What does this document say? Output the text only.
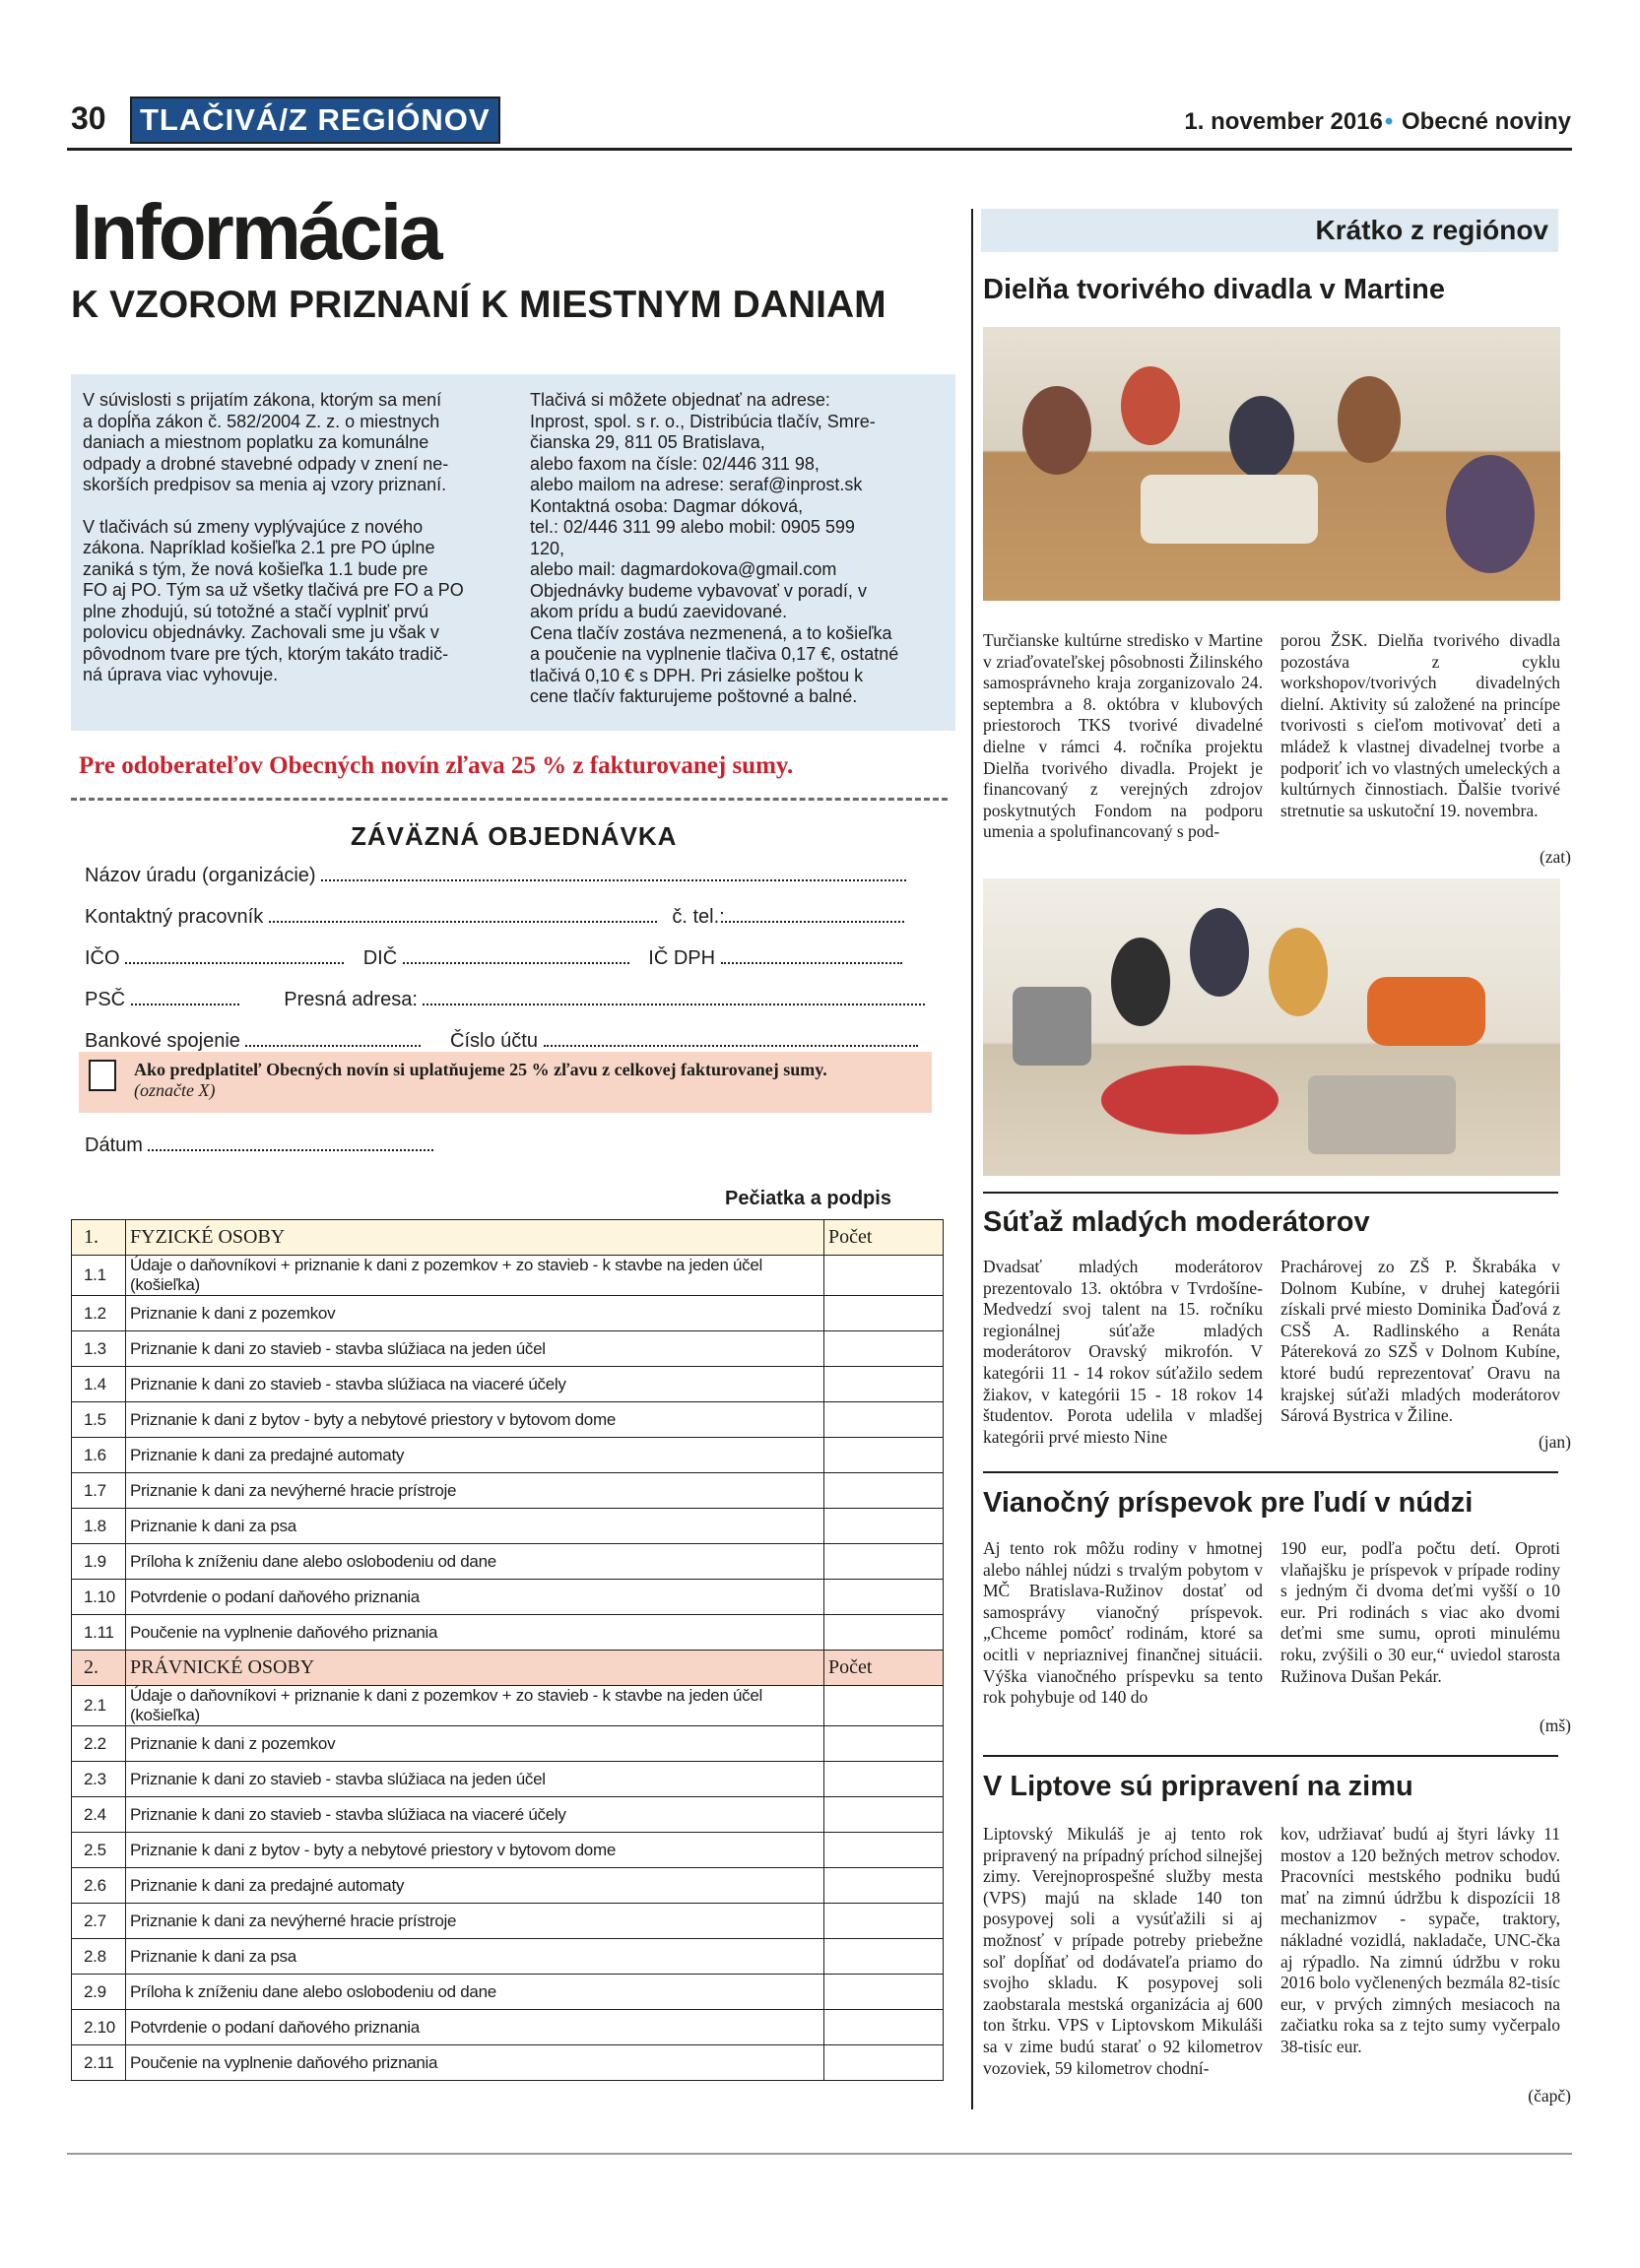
30	TLAČIVÁ/Z REGIÓNOV	1. november 2016• Obecné noviny
Informácia
K VZOROM PRIZNANÍ K MIESTNYM DANIAM

V súvislosti s prijatím zákona, ktorým sa mení
a dopĺňa zákon č. 582/2004 Z. z. o miestnych
daniach a miestnom poplatku za komunálne
odpady a drobné stavebné odpady v znení ne-
skorších predpisov sa menia aj vzory priznaní.

V tlačivách sú zmeny vyplývajúce z nového
zákona. Napríklad košieľka 2.1 pre PO úplne
zaniká s tým, že nová košieľka 1.1 bude pre
FO aj PO. Tým sa už všetky tlačivá pre FO a PO
plne zhodujú, sú totožné a stačí vyplniť prvú
polovicu objednávky. Zachovali sme ju však v
pôvodnom tvare pre tých, ktorým takáto tradič-
ná úprava viac vyhovuje.

Tlačivá si môžete objednať na adrese:
Inprost, spol. s r. o., Distribúcia tlačív, Smre-
čianska 29, 811 05 Bratislava,
alebo faxom na čísle: 02/446 311 98,
alebo mailom na adrese: seraf@inprost.sk
Kontaktná osoba: Dagmar dóková,
tel.: 02/446 311 99 alebo mobil: 0905 599
120,
alebo mail: dagmardokova@gmail.com
Objednávky budeme vybavovať v poradí, v
akom prídu a budú zaevidované.
Cena tlačív zostáva nezmenená, a to košieľka
a poučenie na vyplnenie tlačiva 0,17 €, ostatné
tlačivá 0,10 € s DPH. Pri zásielke poštou k
cene tlačív fakturujeme poštovné a balné.

Pre odoberateľov Obecných novín zľava 25 % z fakturovanej sumy.
ZÁVÄZNÁ OBJEDNÁVKA
Názov úradu (organizácie)
Kontaktný pracovník	č. tel.:
IČO	DIČ	IČ DPH
PSČ	Presná adresa:
Bankové spojenie	Číslo účtu
Ako predplatiteľ Obecných novín si uplatňujeme 25 % zľavu z celkovej fakturovanej sumy.
(označte X)
Dátum
Pečiatka a podpis
1.	FYZICKÉ OSOBY	Počet
1.1	Údaje o daňovníkovi + priznanie k dani z pozemkov + zo stavieb - k stavbe na jeden účel (košieľka)	
1.2	Priznanie k dani z pozemkov	
1.3	Priznanie k dani zo stavieb - stavba slúžiaca na jeden účel	
1.4	Priznanie k dani zo stavieb - stavba slúžiaca na viaceré účely	
1.5	Priznanie k dani z bytov - byty a nebytové priestory v bytovom dome	
1.6	Priznanie k dani za predajné automaty	
1.7	Priznanie k dani za nevýherné hracie prístroje	
1.8	Priznanie k dani za psa	
1.9	Príloha k zníženiu dane alebo oslobodeniu od dane	
1.10	Potvrdenie o podaní daňového priznania	
1.11	Poučenie na vyplnenie daňového priznania	
2.	PRÁVNICKÉ OSOBY	Počet
2.1	Údaje o daňovníkovi + priznanie k dani z pozemkov + zo stavieb - k stavbe na jeden účel (košieľka)	
2.2	Priznanie k dani z pozemkov	
2.3	Priznanie k dani zo stavieb - stavba slúžiaca na jeden účel	
2.4	Priznanie k dani zo stavieb - stavba slúžiaca na viaceré účely	
2.5	Priznanie k dani z bytov - byty a nebytové priestory v bytovom dome	
2.6	Priznanie k dani za predajné automaty	
2.7	Priznanie k dani za nevýherné hracie prístroje	
2.8	Priznanie k dani za psa	
2.9	Príloha k zníženiu dane alebo oslobodeniu od dane	
2.10	Potvrdenie o podaní daňového priznania	
2.11	Poučenie na vyplnenie daňového priznania	
Krátko z regiónov
Dielňa tvorivého divadla v Martine
Turčianske kultúrne stredisko v Martine v zriaďovateľskej pôsobnosti Žilinského samosprávneho kraja zorganizovalo 24. septembra a 8. októbra v klubových priestoroch TKS tvorivé divadelné dielne v rámci 4. ročníka projektu Dielňa tvorivého divadla. Projekt je financovaný z verejných zdrojov poskytnutých Fondom na podporu umenia a spolufinancovaný s pod-
porou ŽSK. Dielňa tvorivého divadla pozostáva z cyklu workshopov/tvorivých divadelných dielní. Aktivity sú založené na princípe tvorivosti s cieľom motivovať deti a mládež k vlastnej divadelnej tvorbe a podporiť ich vo vlastných umeleckých a kultúrnych činnostiach. Ďalšie tvorivé stretnutie sa uskutoční 19. novembra.
(zat)
Súťaž mladých moderátorov
Dvadsať mladých moderátorov prezentovalo 13. októbra v Tvrdošíne-Medvedzí svoj talent na 15. ročníku regionálnej súťaže mladých moderátorov Oravský mikrofón. V kategórii 11 - 14 rokov súťažilo sedem žiakov, v kategórii 15 - 18 rokov 14 študentov. Porota udelila v mladšej kategórii prvé miesto Nine
Prachárovej zo ZŠ P. Škrabáka v Dolnom Kubíne, v druhej kategórii získali prvé miesto Dominika Ďaďová z CSŠ A. Radlinského a Renáta Pátereková zo SZŠ v Dolnom Kubíne, ktoré budú reprezentovať Oravu na krajskej súťaži mladých moderátorov Sárová Bystrica v Žiline.
(jan)
Vianočný príspevok pre ľudí v núdzi
Aj tento rok môžu rodiny v hmotnej alebo náhlej núdzi s trvalým pobytom v MČ Bratislava-Ružinov dostať od samosprávy vianočný príspevok. „Chceme pomôcť rodinám, ktoré sa ocitli v nepriaznivej finančnej situácii. Výška vianočného príspevku sa tento rok pohybuje od 140 do
190 eur, podľa počtu detí. Oproti vlaňajšku je príspevok v prípade rodiny s jedným či dvoma deťmi vyšší o 10 eur. Pri rodinách s viac ako dvomi deťmi sme sumu, oproti minulému roku, zvýšili o 30 eur,“ uviedol starosta Ružinova Dušan Pekár.
(mš)
V Liptove sú pripravení na zimu
Liptovský Mikuláš je aj tento rok pripravený na prípadný príchod silnejšej zimy. Verejnoprospešné služby mesta (VPS) majú na sklade 140 ton posypovej soli a vysúťažili si aj možnosť v prípade potreby priebežne soľ dopĺňať od dodávateľa priamo do svojho skladu. K posypovej soli zaobstarala mestská organizácia aj 600 ton štrku. VPS v Liptovskom Mikuláši sa v zime budú starať o 92 kilometrov vozoviek, 59 kilometrov chodní-
kov, udržiavať budú aj štyri lávky 11 mostov a 120 bežných metrov schodov. Pracovníci mestského podniku budú mať na zimnú údržbu k dispozícii 18 mechanizmov - sypače, traktory, nákladné vozidlá, nakladače, UNC-čka aj rýpadlo. Na zimnú údržbu v roku 2016 bolo vyčlenených bezmála 82-tisíc eur, v prvých zimných mesiacoch na začiatku roka sa z tejto sumy vyčerpalo 38-tisíc eur.
(čapč)
